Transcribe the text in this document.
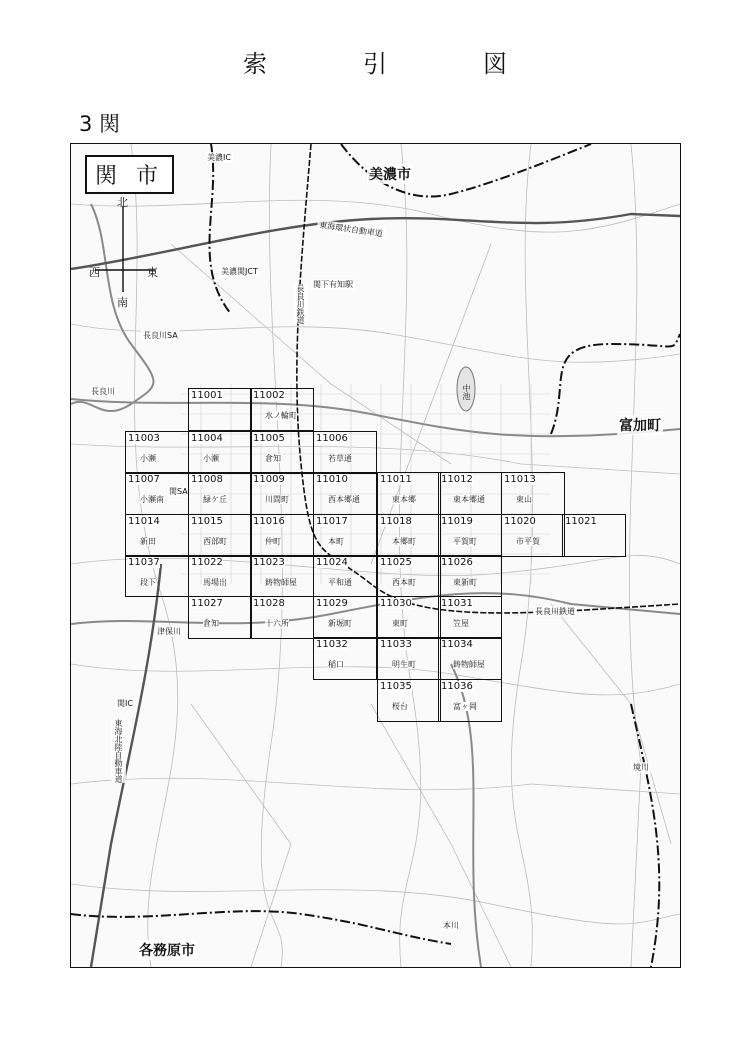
索　引　図
3 関
関 市
北
南
西	東
美濃市
富加町
各務原市
東海環状自動車道
東海北陸自動車道
長良川鉄道
長良川鉄道
長良川
津保川
本川
境川
関下有知駅
美濃IC
美濃関JCT
関IC
長良川SA
関SA
中池
11001	11002
水ノ輪町
11003
小瀬
11004
小瀬
11005
倉知
11006
若草通
11007
小瀬南
11008
緑ケ丘
11009
川間町
11010
西本郷通
11011
東本郷
11012
東本郷通
11013
東山
11014
新田
11015
西部町
11016
仲町
11017
本町
11018
本郷町
11019
平賀町
11020
市平賀
11021
11037
段下
11022
馬場出
11023
鋳物師屋
11024
平和通
11025
西本町
11026
東新町
11027
倉知
11028
十六所
11029
新堀町
11030
東町
11031
笠屋
11032
稲口
11033
明生町
11034
鋳物師屋
11035
桜台
11036
富ヶ岡
